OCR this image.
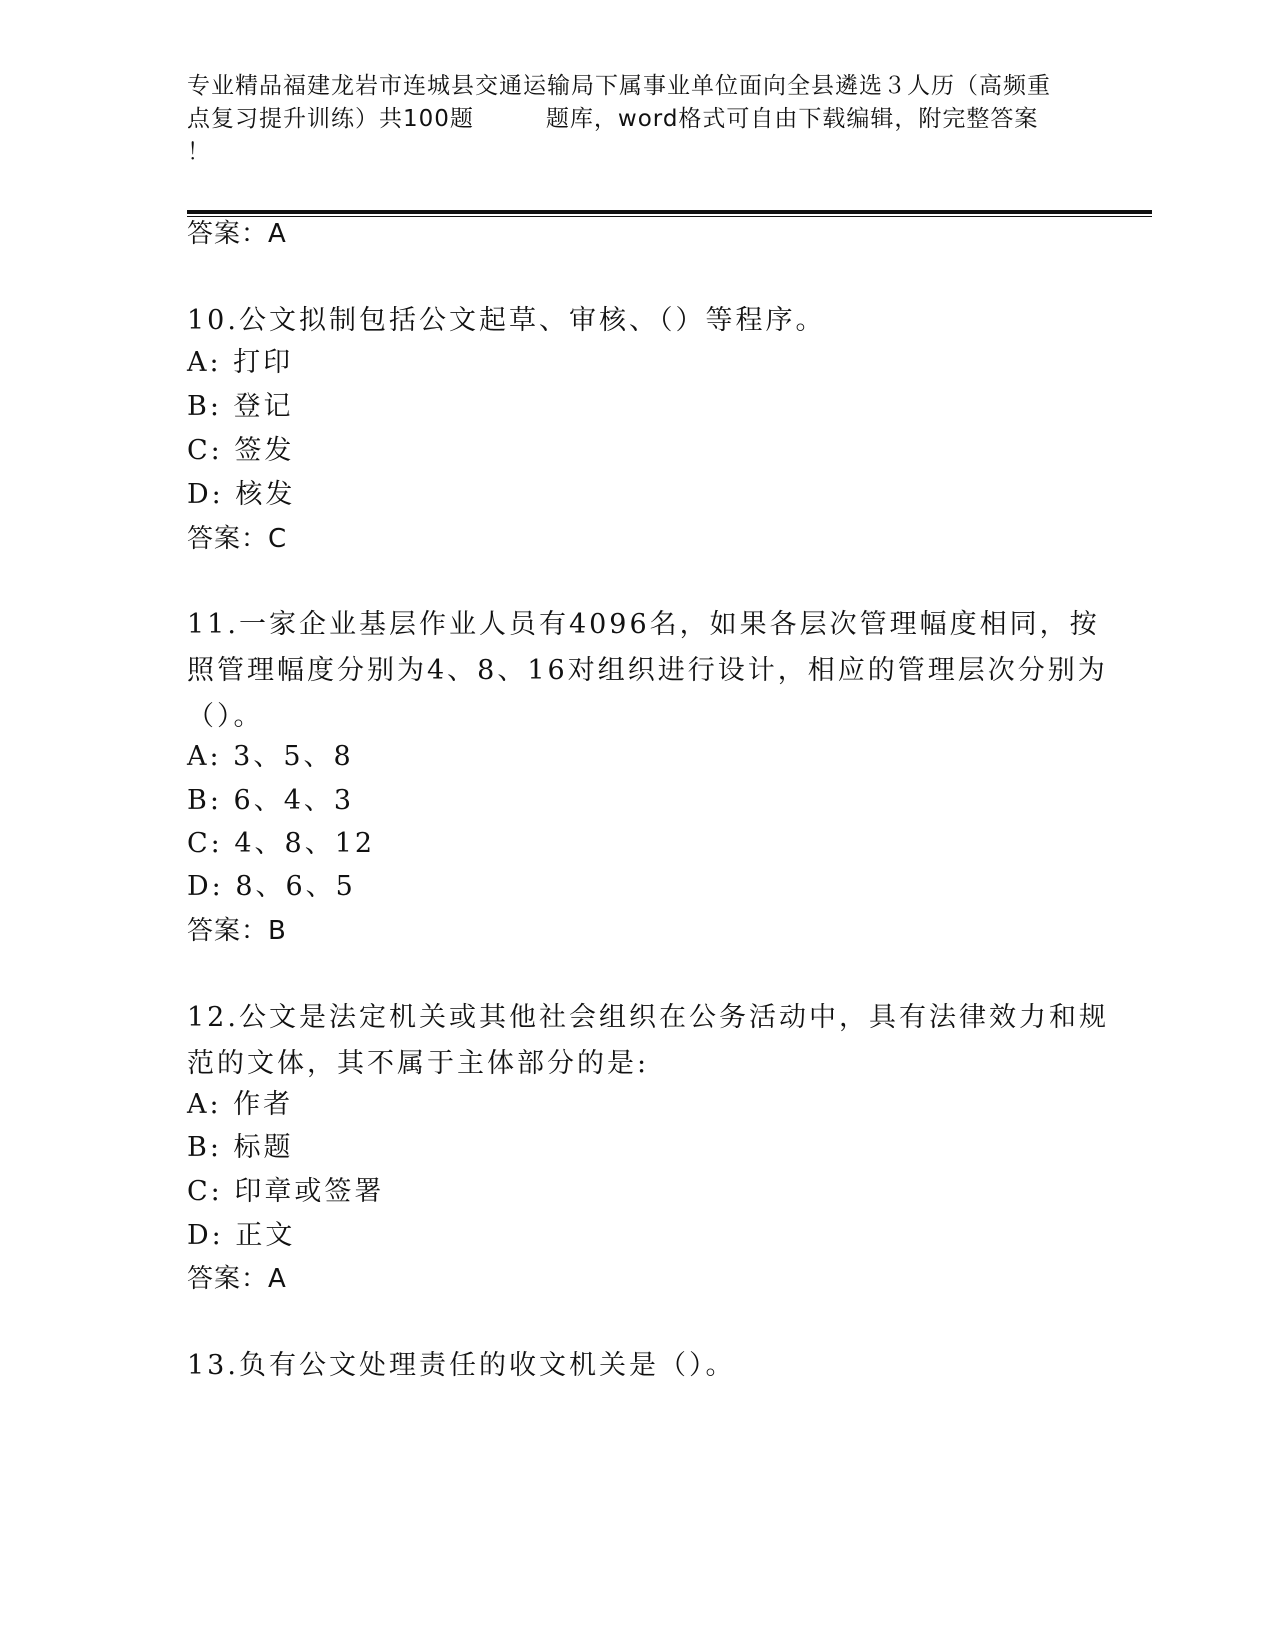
专业精品福建龙岩市连城县交通运输局下属事业单位面向全县遴选３人历（高频重
点复习提升训练）共100题　　　题库，word格式可自由下载编辑，附完整答案
！
答案：A
10.公文拟制包括公文起草、审核、（）等程序。
A: 打印
B: 登记
C: 签发
D: 核发
答案：C
11.一家企业基层作业人员有4096名，如果各层次管理幅度相同，按
照管理幅度分别为4、8、16对组织进行设计，相应的管理层次分别为
（）。
A: 3、5、8
B: 6、4、3
C: 4、8、12
D: 8、6、5
答案：B
12.公文是法定机关或其他社会组织在公务活动中，具有法律效力和规
范的文体，其不属于主体部分的是:
A: 作者
B: 标题
C: 印章或签署
D: 正文
答案：A
13.负有公文处理责任的收文机关是（）。
